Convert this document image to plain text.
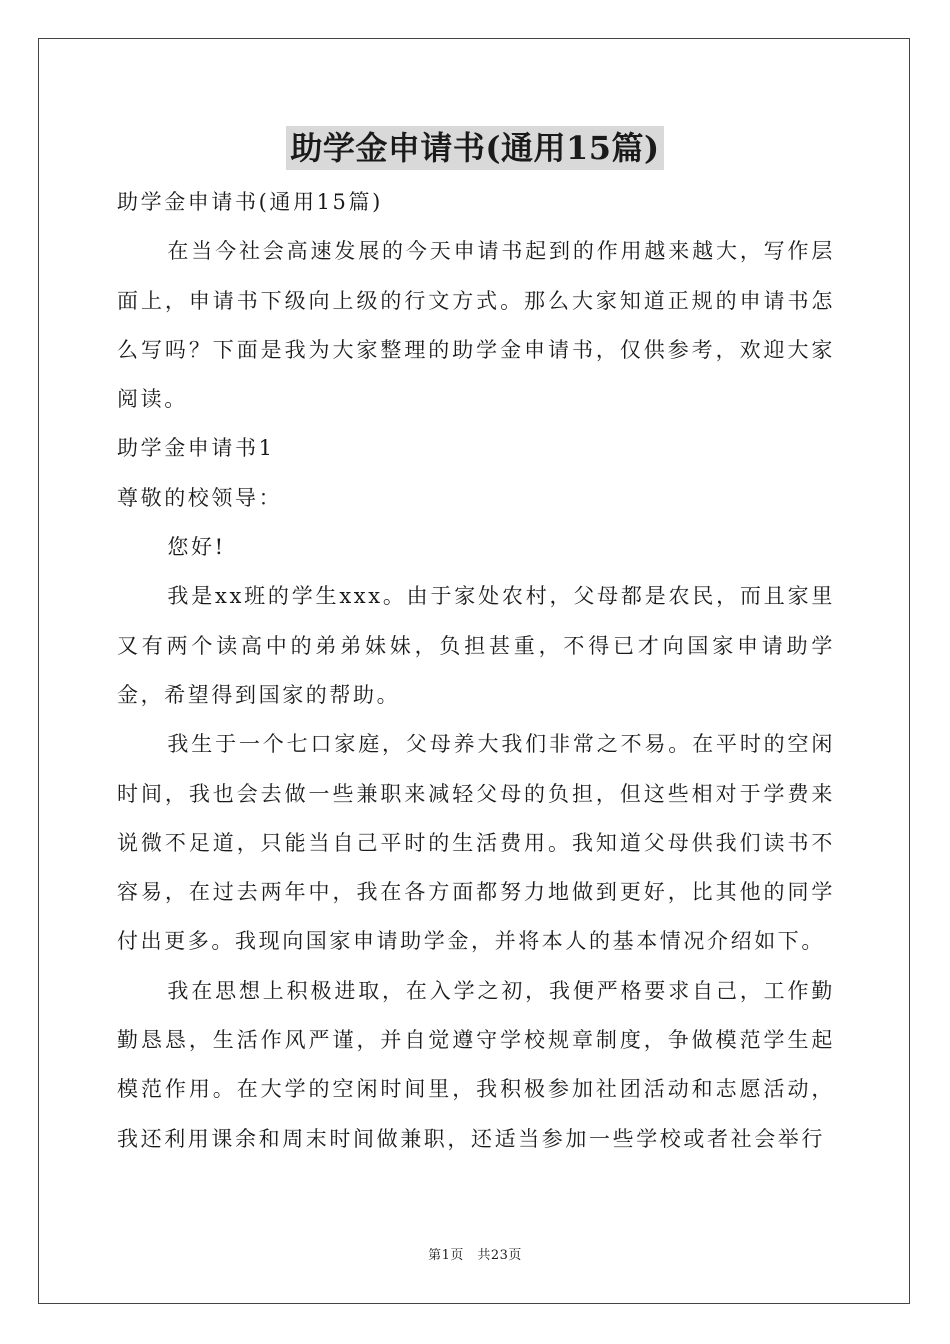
助学金申请书(通用15篇)

助学金申请书(通用15篇)

在当今社会高速发展的今天申请书起到的作用越来越大，写作层面上，申请书下级向上级的行文方式。那么大家知道正规的申请书怎么写吗？下面是我为大家整理的助学金申请书，仅供参考，欢迎大家阅读。

助学金申请书1

尊敬的校领导：

您好!

我是xx班的学生xxx。由于家处农村，父母都是农民，而且家里又有两个读高中的弟弟妹妹，负担甚重，不得已才向国家申请助学金，希望得到国家的帮助。

我生于一个七口家庭，父母养大我们非常之不易。在平时的空闲时间，我也会去做一些兼职来减轻父母的负担，但这些相对于学费来说微不足道，只能当自己平时的生活费用。我知道父母供我们读书不容易，在过去两年中，我在各方面都努力地做到更好，比其他的同学付出更多。我现向国家申请助学金，并将本人的基本情况介绍如下。

我在思想上积极进取，在入学之初，我便严格要求自己，工作勤勤恳恳，生活作风严谨，并自觉遵守学校规章制度，争做模范学生起模范作用。在大学的空闲时间里，我积极参加社团活动和志愿活动，我还利用课余和周末时间做兼职，还适当参加一些学校或者社会举行

第1页　共23页
